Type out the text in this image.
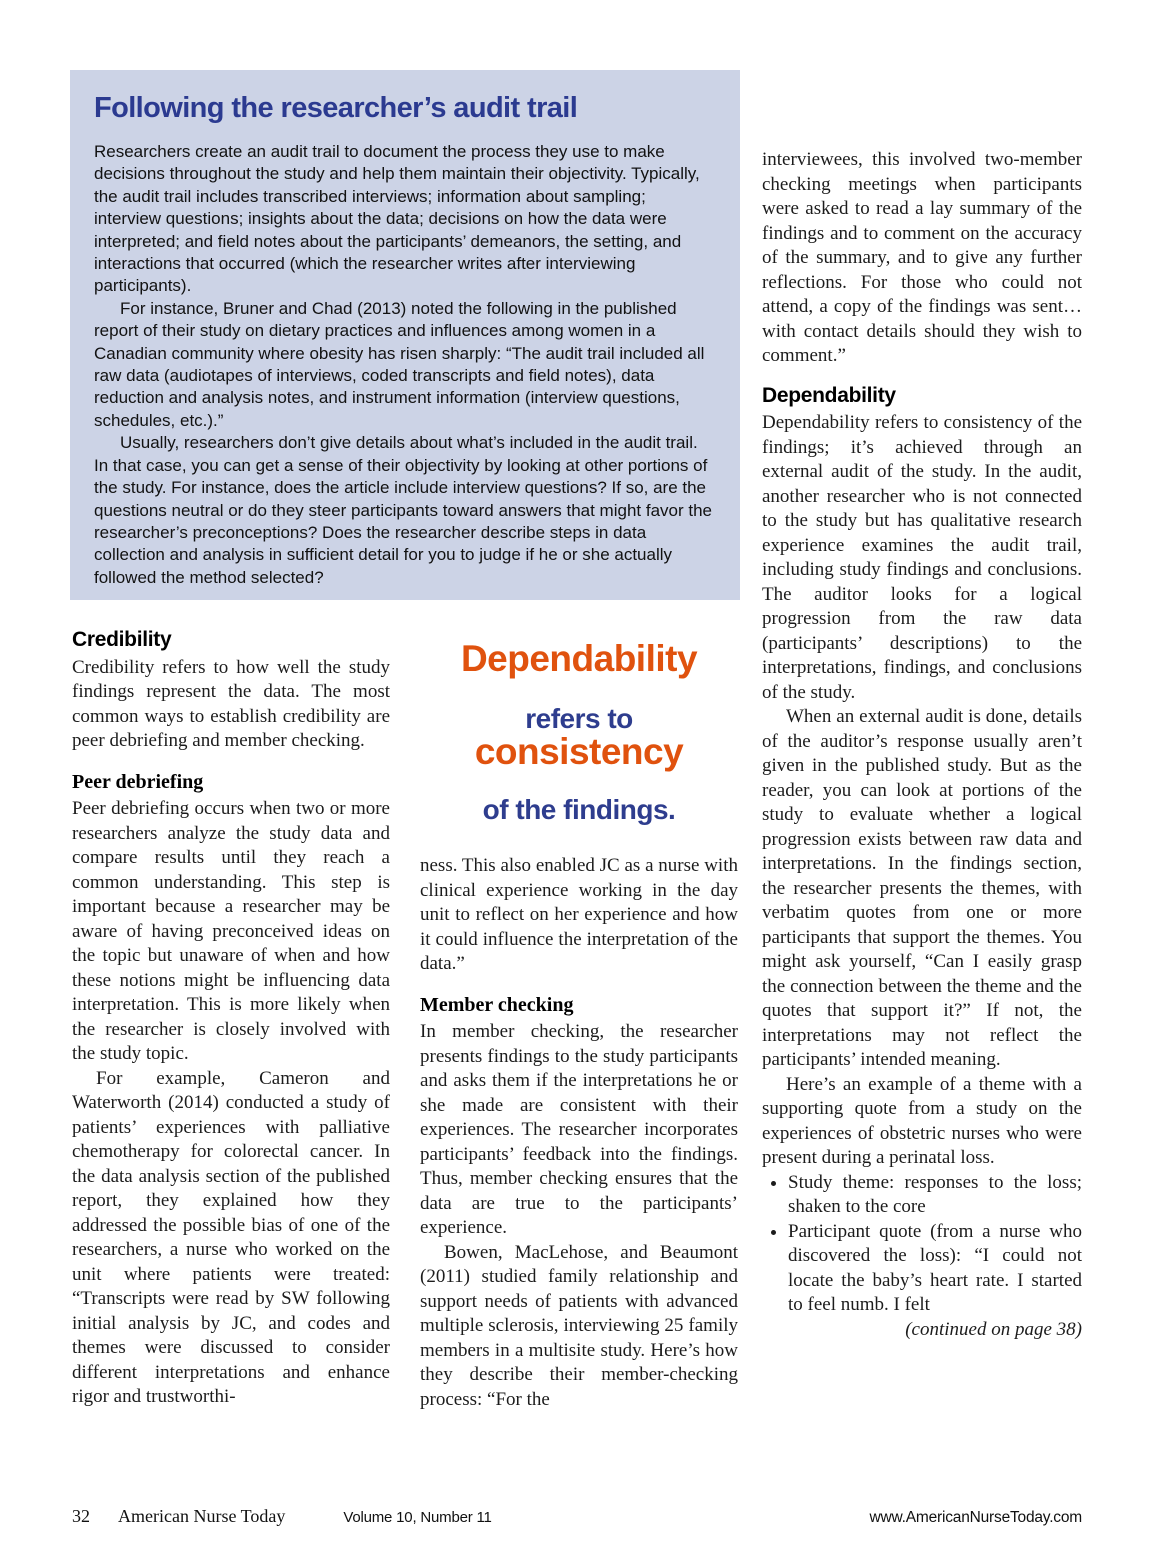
Following the researcher’s audit trail

Researchers create an audit trail to document the process they use to make decisions throughout the study and help them maintain their objectivity. Typically, the audit trail includes transcribed interviews; information about sampling; interview questions; insights about the data; decisions on how the data were interpreted; and field notes about the participants’ demeanors, the setting, and interactions that occurred (which the researcher writes after interviewing participants).

For instance, Bruner and Chad (2013) noted the following in the published report of their study on dietary practices and influences among women in a Canadian community where obesity has risen sharply: “The audit trail included all raw data (audiotapes of interviews, coded transcripts and field notes), data reduction and analysis notes, and instrument information (interview questions, schedules, etc.).”

Usually, researchers don’t give details about what’s included in the audit trail. In that case, you can get a sense of their objectivity by looking at other portions of the study. For instance, does the article include interview questions? If so, are the questions neutral or do they steer participants toward answers that might favor the researcher’s preconceptions? Does the researcher describe steps in data collection and analysis in sufficient detail for you to judge if he or she actually followed the method selected?

Credibility

Credibility refers to how well the study findings represent the data. The most common ways to establish credibility are peer debriefing and member checking.

Peer debriefing

Peer debriefing occurs when two or more researchers analyze the study data and compare results until they reach a common understanding. This step is important because a researcher may be aware of having preconceived ideas on the topic but unaware of when and how these notions might be influencing data interpretation. This is more likely when the researcher is closely involved with the study topic.

For example, Cameron and Waterworth (2014) conducted a study of patients’ experiences with palliative chemotherapy for colorectal cancer. In the data analysis section of the published report, they explained how they addressed the possible bias of one of the researchers, a nurse who worked on the unit where patients were treated: “Transcripts were read by SW following initial analysis by JC, and codes and themes were discussed to consider different interpretations and enhance rigor and trustworthi-

Dependability
refers to consistency
of the findings.

ness. This also enabled JC as a nurse with clinical experience working in the day unit to reflect on her experience and how it could influence the interpretation of the data.”

Member checking

In member checking, the researcher presents findings to the study participants and asks them if the interpretations he or she made are consistent with their experiences. The researcher incorporates participants’ feedback into the findings. Thus, member checking ensures that the data are true to the participants’ experience.

Bowen, MacLehose, and Beaumont (2011) studied family relationship and support needs of patients with advanced multiple sclerosis, interviewing 25 family members in a multisite study. Here’s how they describe their member-checking process: “For the

interviewees, this involved two-member checking meetings when participants were asked to read a lay summary of the findings and to comment on the accuracy of the summary, and to give any further reflections. For those who could not attend, a copy of the findings was sent…with contact details should they wish to comment.”

Dependability

Dependability refers to consistency of the findings; it’s achieved through an external audit of the study. In the audit, another researcher who is not connected to the study but has qualitative research experience examines the audit trail, including study findings and conclusions. The auditor looks for a logical progression from the raw data (participants’ descriptions) to the interpretations, findings, and conclusions of the study.

When an external audit is done, details of the auditor’s response usually aren’t given in the published study. But as the reader, you can look at portions of the study to evaluate whether a logical progression exists between raw data and interpretations. In the findings section, the researcher presents the themes, with verbatim quotes from one or more participants that support the themes. You might ask yourself, “Can I easily grasp the connection between the theme and the quotes that support it?” If not, the interpretations may not reflect the participants’ intended meaning.

Here’s an example of a theme with a supporting quote from a study on the experiences of obstetric nurses who were present during a perinatal loss.

• Study theme: responses to the loss; shaken to the core
• Participant quote (from a nurse who discovered the loss): “I could not locate the baby’s heart rate. I started to feel numb. I felt

(continued on page 38)

32 American Nurse Today	Volume 10, Number 11	www.AmericanNurseToday.com
